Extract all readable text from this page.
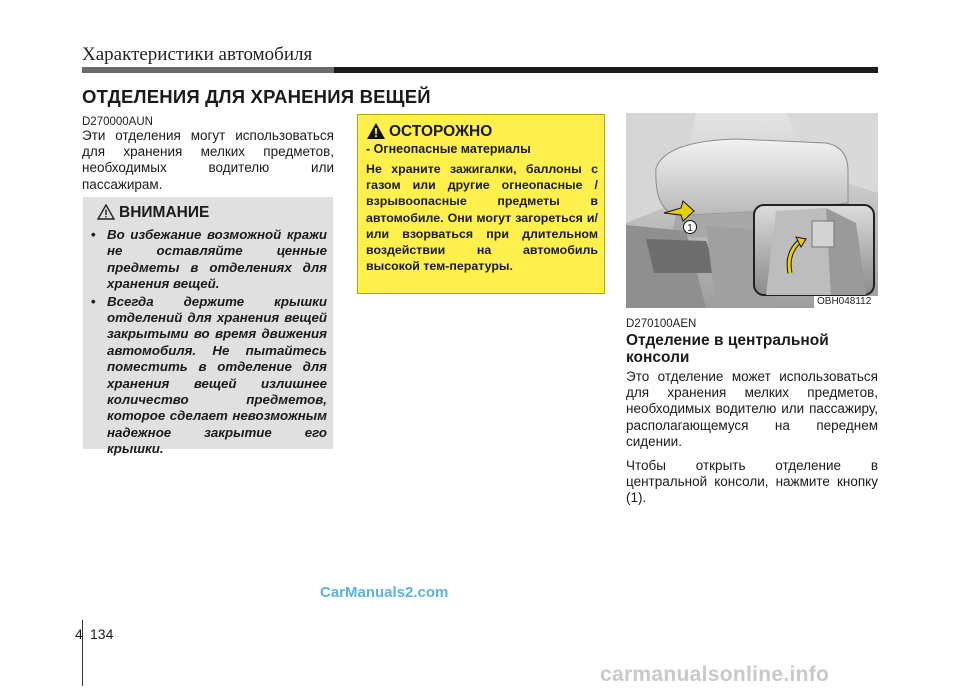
Характеристики автомобиля
ОТДЕЛЕНИЯ ДЛЯ ХРАНЕНИЯ ВЕЩЕЙ
D270000AUN
Эти отделения могут использоваться для хранения мелких предметов, необходимых водителю или пассажирам.
ВНИМАНИЕ
• Во избежание возможной кражи не оставляйте ценные предметы в отделениях для хранения вещей.
• Всегда держите крышки отделений для хранения вещей закрытыми во время движения автомобиля. Не пытайтесь поместить в отделение для хранения вещей излишнее количество предметов, которое сделает невозможным надежное закрытие его крышки.
ОСТОРОЖНО
- Огнеопасные материалы
Не храните зажигалки, баллоны с газом или другие огнеопасные / взрывоопасные предметы в автомобиле. Они могут загореться и/или взорваться при длительном воздействии на автомобиль высокой тем-пературы.
1
OBH048112
D270100AEN
Отделение в центральной консоли
Это отделение может использоваться для хранения мелких предметов, необходимых водителю или пассажиру, располагающемуся на переднем сидении.
Чтобы открыть отделение в центральной консоли, нажмите кнопку (1).
CarManuals2.com
4 134
carmanualsonline.info
